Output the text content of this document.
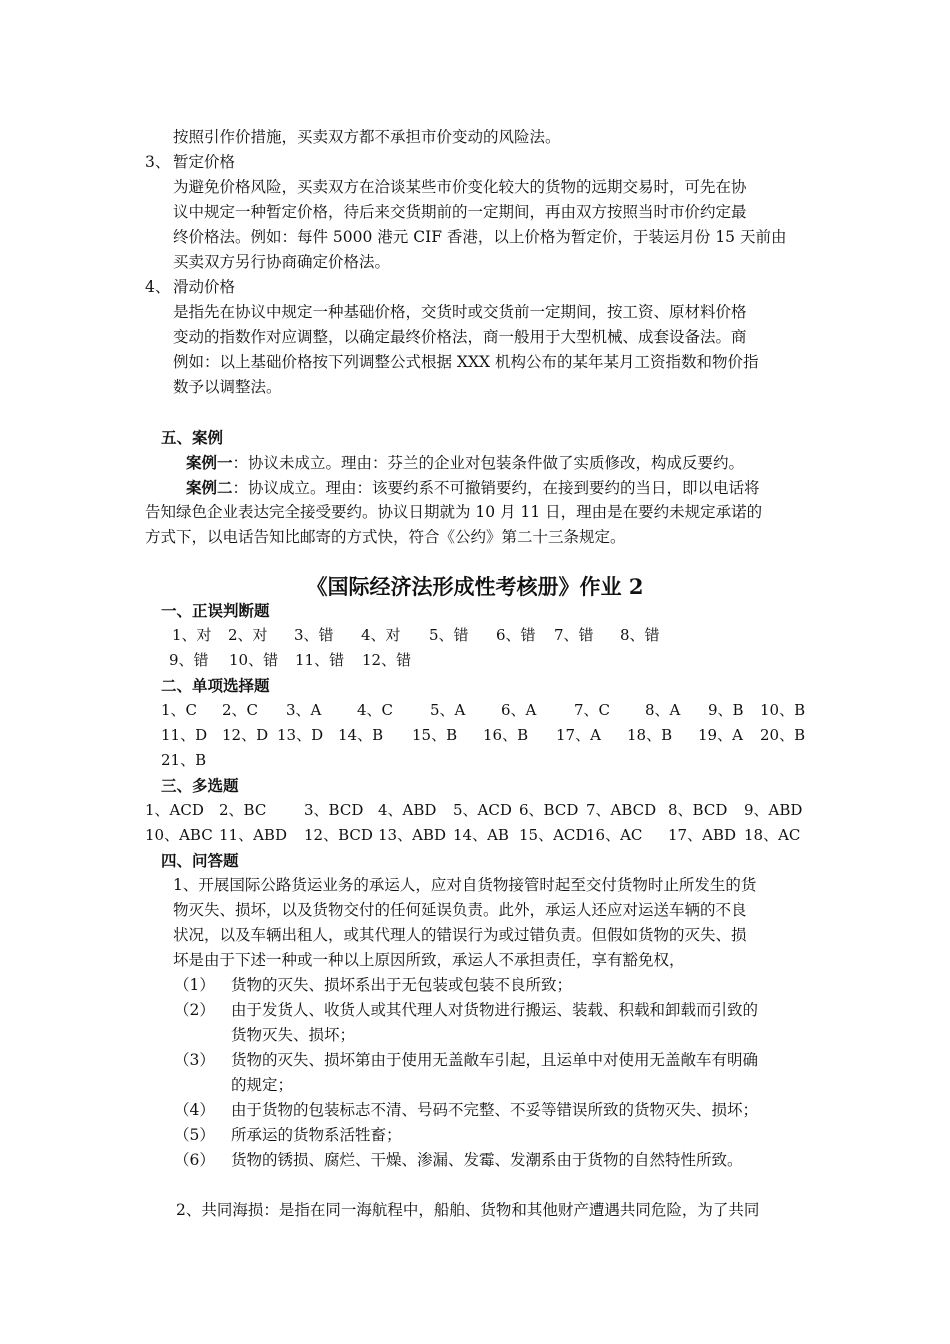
按照引作价措施，买卖双方都不承担市价变动的风险法。
3、 暂定价格
为避免价格风险，买卖双方在洽谈某些市价变化较大的货物的远期交易时，可先在协
议中规定一种暂定价格，待后来交货期前的一定期间，再由双方按照当时市价约定最
终价格法。例如：每件 5000 港元 CIF 香港，以上价格为暂定价，于装运月份 15 天前由
买卖双方另行协商确定价格法。
4、 滑动价格
是指先在协议中规定一种基础价格，交货时或交货前一定期间，按工资、原材料价格
变动的指数作对应调整，以确定最终价格法，商一般用于大型机械、成套设备法。商
例如：以上基础价格按下列调整公式根据 XXX 机构公布的某年某月工资指数和物价指
数予以调整法。
五、案例
案例一：协议未成立。理由：芬兰的企业对包装条件做了实质修改，构成反要约。
案例二：协议成立。理由：该要约系不可撤销要约，在接到要约的当日，即以电话将
告知绿色企业表达完全接受要约。协议日期就为 10 月 11 日，理由是在要约未规定承诺的
方式下，以电话告知比邮寄的方式快，符合《公约》第二十三条规定。
《国际经济法形成性考核册》作业 2
一、正误判断题
1、对 2、对 3、错 4、对 5、错 6、错 7、错 8、错
9、错 10、错 11、错 12、错
二、单项选择题
1、C 2、C 3、A 4、C 5、A 6、A	7、C 8、A 9、B 10、B
11、D 12、D 13、D 14、B 15、B 16、B 17、A 18、B 19、A 20、B
21、B
三、多选题
1、ACD 2、BC	3、BCD 4、ABD 5、ACD 6、BCD 7、ABCD 8、BCD 9、ABD
10、ABC 11、ABD 12、BCD 13、ABD 14、AB 15、ACD
16、AC 17、ABD 18、AC
四、问答题
1、开展国际公路货运业务的承运人，应对自货物接管时起至交付货物时止所发生的货
物灭失、损坏，以及货物交付的任何延误负责。此外，承运人还应对运送车辆的不良
状况，以及车辆出租人，或其代理人的错误行为或过错负责。但假如货物的灭失、损
坏是由于下述一种或一种以上原因所致，承运人不承担责任，享有豁免权，
（1） 货物的灭失、损坏系出于无包装或包装不良所致；
（2） 由于发货人、收货人或其代理人对货物进行搬运、装载、积载和卸载而引致的
货物灭失、损坏；
（3） 货物的灭失、损坏第由于使用无盖敞车引起，且运单中对使用无盖敞车有明确
的规定；
（4） 由于货物的包装标志不清、号码不完整、不妥等错误所致的货物灭失、损坏；
（5） 所承运的货物系活牲畜；
（6） 货物的锈损、腐烂、干燥、渗漏、发霉、发潮系由于货物的自然特性所致。
2、共同海损：是指在同一海航程中，船舶、货物和其他财产遭遇共同危险，为了共同
